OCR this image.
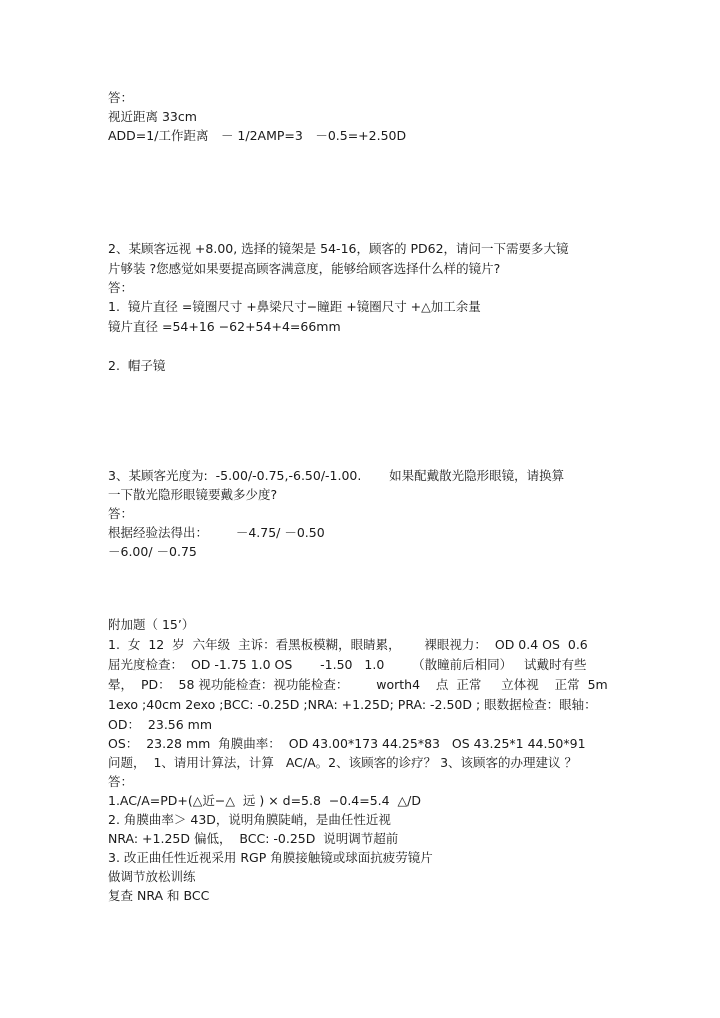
答：
视近距离 33cm
ADD=1/工作距离　－ 1/2AMP=3　－0.5=+2.50D
2、某顾客远视 +8.00, 选择的镜架是 54-16，顾客的 PD62，请问一下需要多大镜
片够装 ?您感觉如果要提高顾客满意度，能够给顾客选择什么样的镜片?
答：
1.  镜片直径 =镜圈尺寸 +鼻梁尺寸−瞳距 +镜圈尺寸 +△加工余量
镜片直径 =54+16 −62+54+4=66mm
2.  帽子镜
3、某顾客光度为:  -5.00/-0.75,-6.50/-1.00.       如果配戴散光隐形眼镜，请换算
一下散光隐形眼镜要戴多少度?
答：
根据经验法得出：       －4.75/ －0.50
－6.00/ －0.75
附加题（ 15’）
1.  女  12  岁  六年级  主诉：看黑板模糊，眼睛累，      裸眼视力：  OD 0.4 OS  0.6
屈光度检查：  OD -1.75 1.0 OS       -1.50   1.0       （散瞳前后相同）   试戴时有些
晕，  PD：  58 视功能检查：视功能检查：       worth4    点  正常     立体视    正常  5m
1exo ;40cm 2exo ;BCC: -0.25D ;NRA: +1.25D; PRA: -2.50D ; 眼数据检查：眼轴：
OD：  23.56 mm
OS：  23.28 mm  角膜曲率：  OD 43.00*173 44.25*83   OS 43.25*1 44.50*91
问题，  1、请用计算法，计算   AC/A。2、该顾客的诊疗？ 3、该顾客的办理建议 ？
答：
1.AC/A=PD+(△近−△  远 ) × d=5.8  −0.4=5.4  △/D
2. 角膜曲率＞ 43D，说明角膜陡峭，是曲任性近视
NRA: +1.25D 偏低，  BCC: -0.25D  说明调节超前
3. 改正曲任性近视采用 RGP 角膜接触镜或球面抗疲劳镜片
做调节放松训练
复查 NRA 和 BCC
